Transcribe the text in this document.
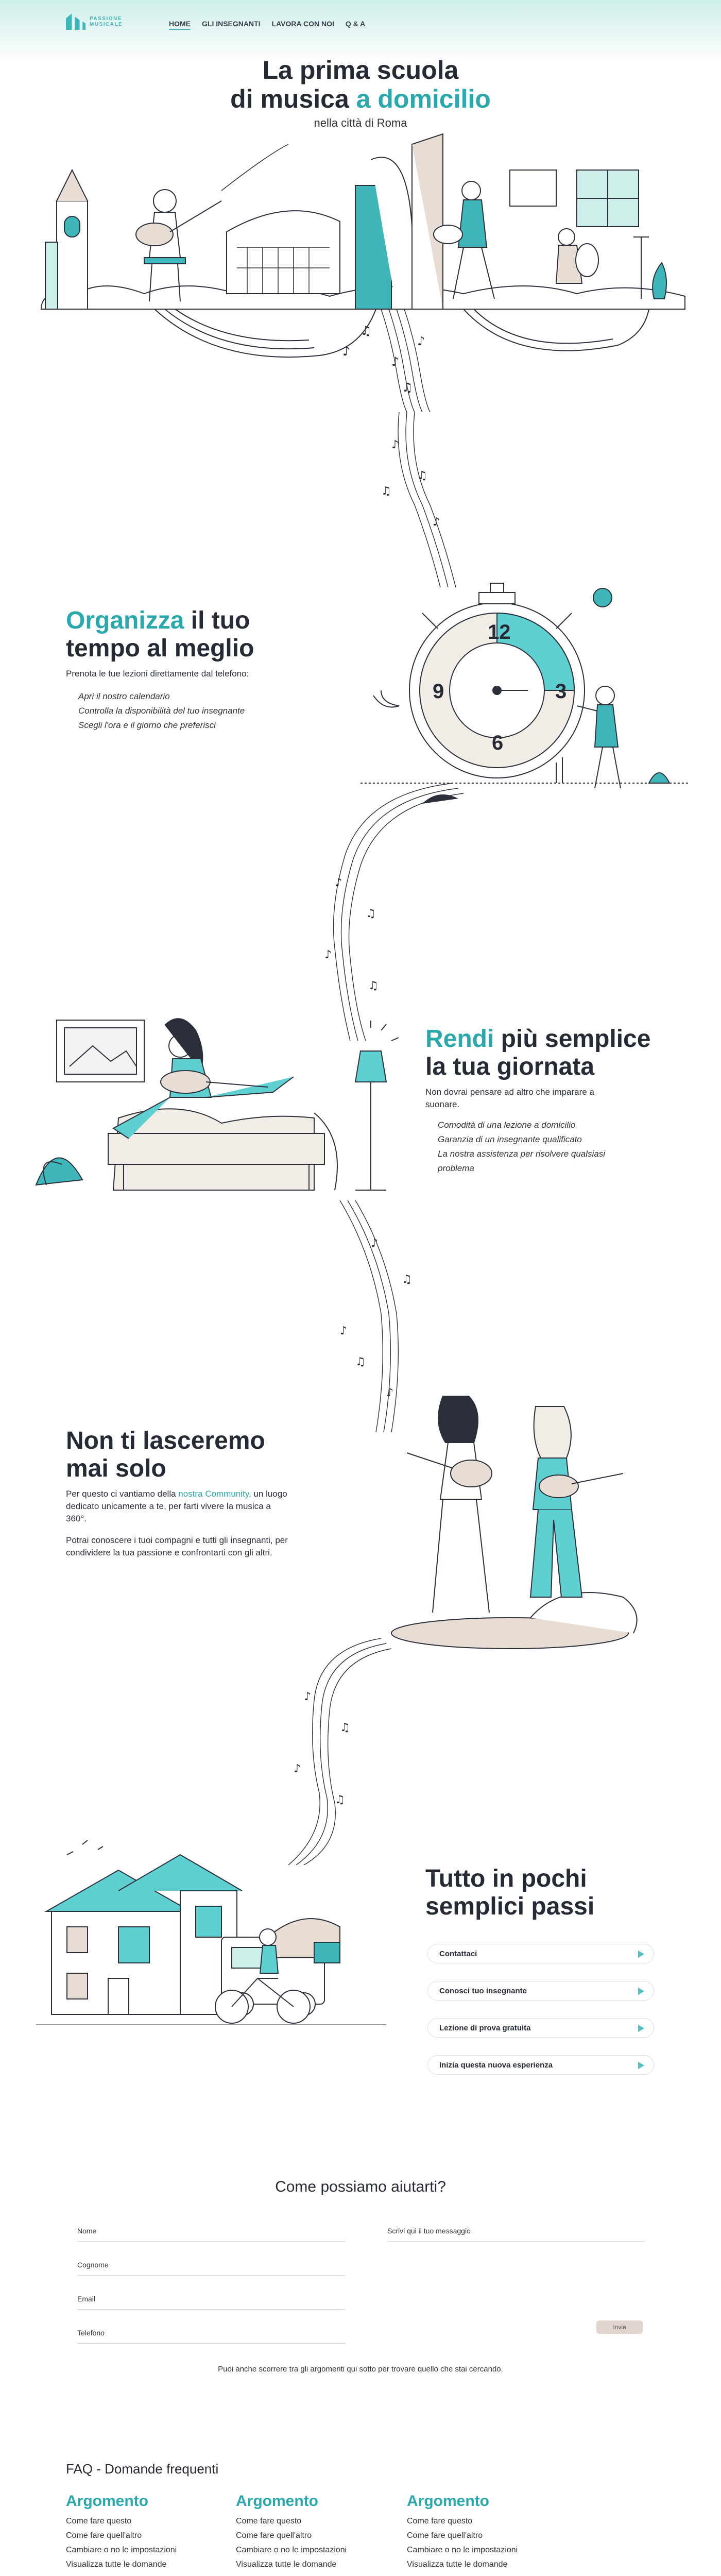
PASSIONE
MUSICALE	HOME GLI INSEGNANTI LAVORA CON NOI Q & A
La prima scuola
di musica a domicilio
nella città di Roma
♪
♫
♪
♫
♪
Organizza il tuo
tempo al meglio
Prenota le tue lezioni direttamente dal telefono:
Apri il nostro calendario
Controlla la disponibilità del tuo insegnante
Scegli l'ora e il giorno che preferisci
♪
♫
♪
♫
12
3
6
9
♪
♫
♪
♫
Rendi più semplice
la tua giornata
Non dovrai pensare ad altro che imparare a suonare.
Comodità di una lezione a domicilio
Garanzia di un insegnante qualificato
La nostra assistenza per risolvere qualsiasi problema
♪
♫
♪
♫
♪
Non ti lasceremo
mai solo
Per questo ci vantiamo della nostra Community, un luogo dedicato unicamente a te, per farti vivere la musica a 360°.
Potrai conoscere i tuoi compagni e tutti gli insegnanti, per condividere la tua passione e confrontarti con gli altri.
♪
♫
♪
♫
Tutto in pochi
semplici passi
Contattaci
Conosci tuo insegnante
Lezione di prova gratuita
Inizia questa nuova esperienza
Come possiamo aiutarti?
Nome
Cognome
Email
Telefono
Scrivi qui il tuo messaggio
Invia
Puoi anche scorrere tra gli argomenti qui sotto per trovare quello che stai cercando.
FAQ - Domande frequenti
Argomento
Come fare questo
Come fare quell'altro
Cambiare o no le impostazioni
Visualizza tutte le domande
Argomento
Come fare questo
Come fare quell'altro
Cambiare o no le impostazioni
Visualizza tutte le domande
Argomento
Come fare questo
Come fare quell'altro
Cambiare o no le impostazioni
Visualizza tutte le domande
